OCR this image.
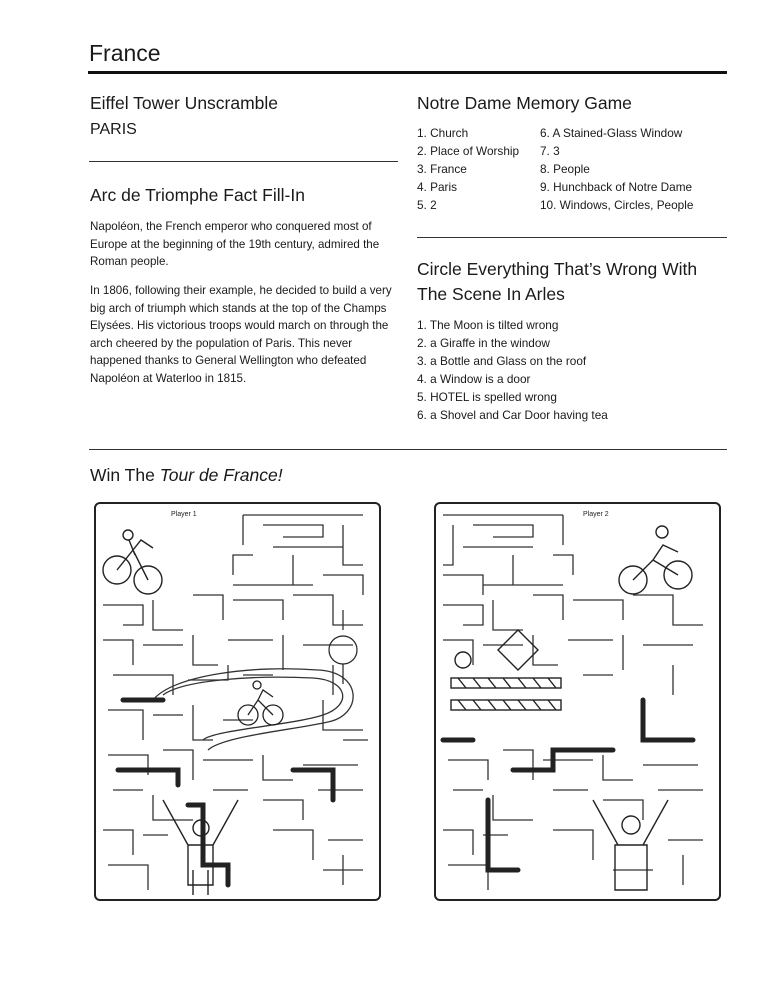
France
Eiffel Tower Unscramble

PARIS

Arc de Triomphe Fact Fill-In

Napoléon, the French emperor who conquered most of Europe at the beginning of the 19th century, admired the Roman people.

In 1806, following their example, he decided to build a very big arch of triumph which stands at the top of the Champs Elysées. His victorious troops would march on through the arch cheered by the population of Paris. This never happened thanks to General Wellington who defeated Napoléon at Waterloo in 1815.

Notre Dame Memory Game
1. Church
2. Place of Worship
3. France
4. Paris
5. 2
6. A Stained-Glass Window
7. 3
8. People
9. Hunchback of Notre Dame
10. Windows, Circles, People
Circle Everything That’s Wrong With
The Scene In Arles
1. The Moon is tilted wrong
2. a Giraffe in the window
3. a Bottle and Glass on the roof
4. a Window is a door
5. HOTEL is spelled wrong
6. a Shovel and Car Door having tea
Win The Tour de France!
Player 1	Player 2
